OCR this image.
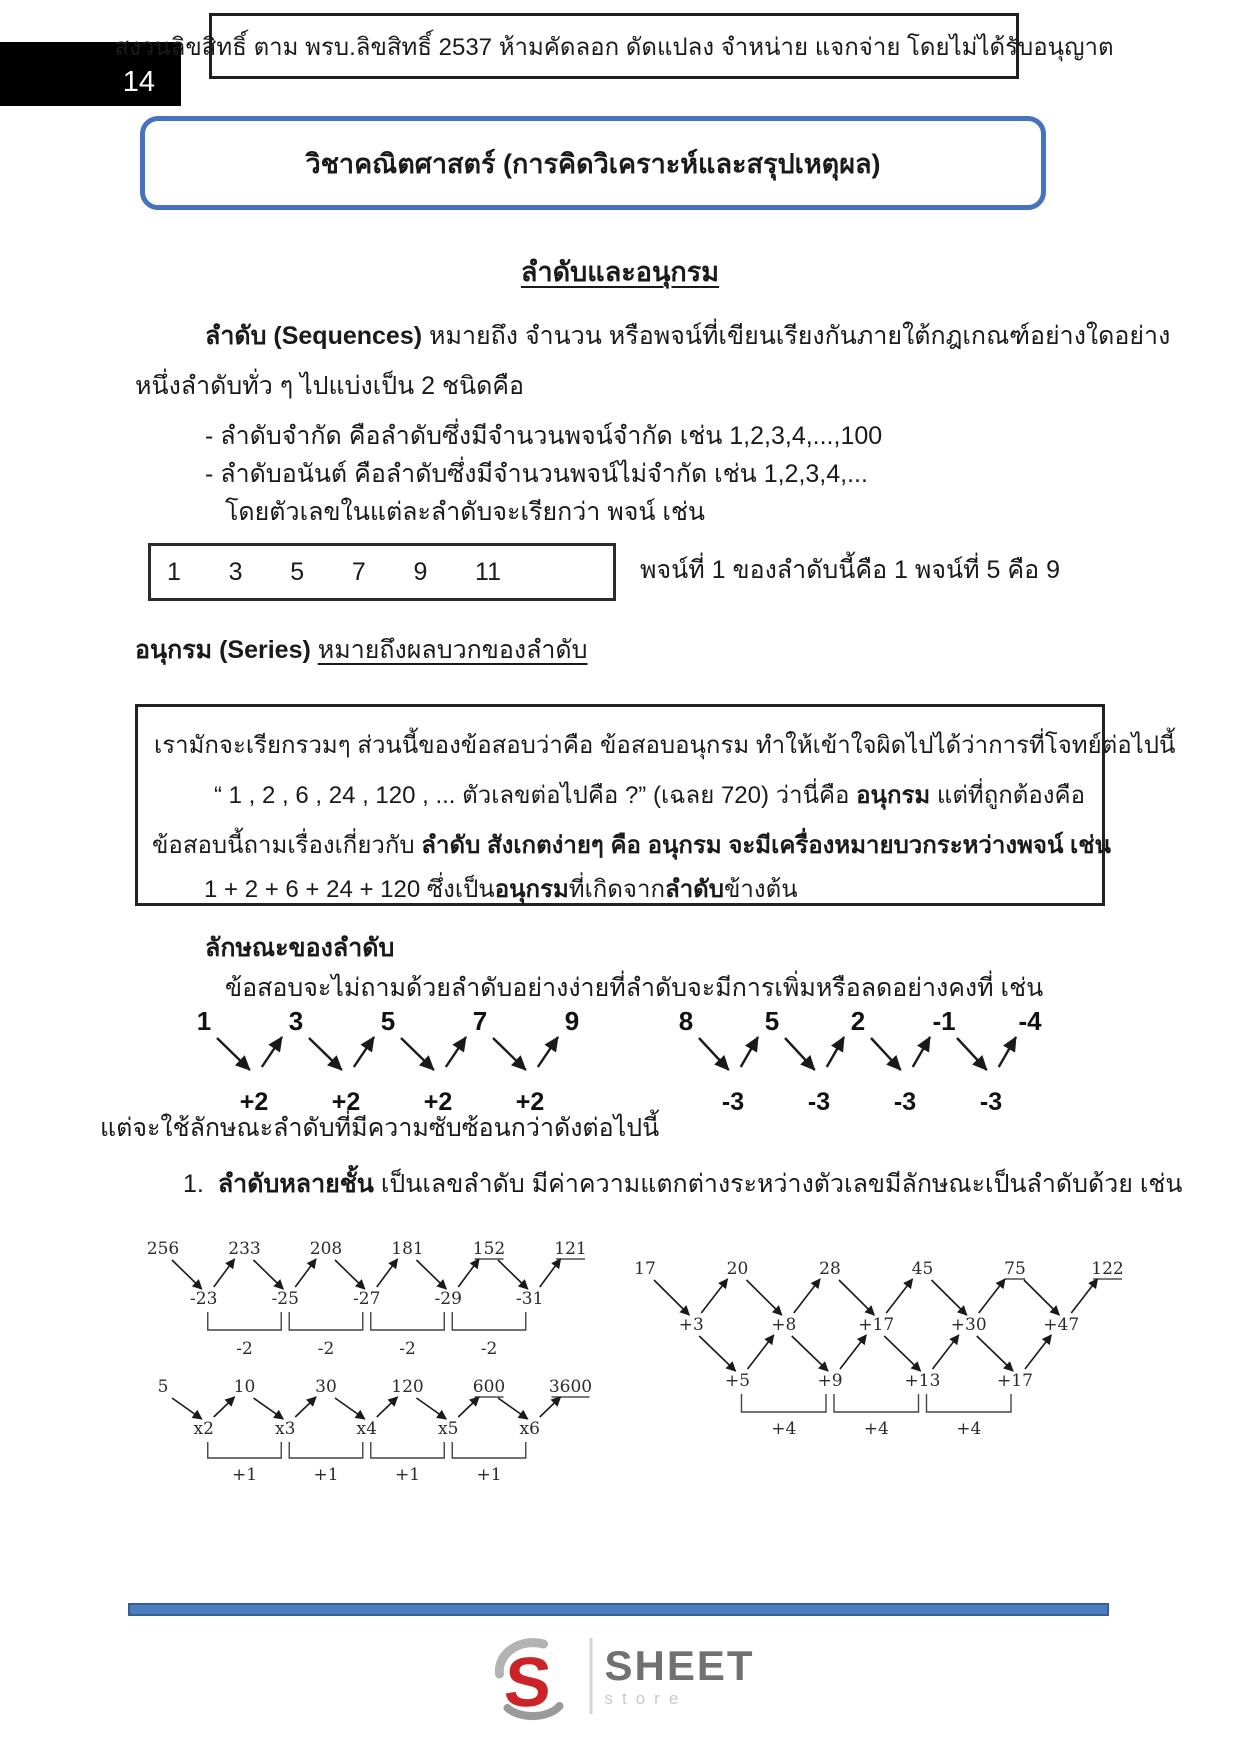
14
สงวนลิขสิทธิ์ ตาม พรบ.ลิขสิทธิ์ 2537 ห้ามคัดลอก ดัดแปลง จำหน่าย แจกจ่าย โดยไม่ได้รับอนุญาต
วิชาคณิตศาสตร์ (การคิดวิเคราะห์และสรุปเหตุผล)
ลำดับและอนุกรม
ลำดับ (Sequences) หมายถึง จำนวน หรือพจน์ที่เขียนเรียงกันภายใต้กฎเกณฑ์อย่างใดอย่าง
หนึ่งลำดับทั่ว ๆ ไปแบ่งเป็น 2 ชนิดคือ
- ลำดับจำกัด คือลำดับซึ่งมีจำนวนพจน์จำกัด เช่น 1,2,3,4,...,100
- ลำดับอนันต์ คือลำดับซึ่งมีจำนวนพจน์ไม่จำกัด เช่น 1,2,3,4,...
โดยตัวเลขในแต่ละลำดับจะเรียกว่า พจน์ เช่น
1 3 5 7 9 11	พจน์ที่ 1 ของลำดับนี้คือ 1 พจน์ที่ 5 คือ 9
อนุกรม (Series) หมายถึงผลบวกของลำดับ
เรามักจะเรียกรวมๆ ส่วนนี้ของข้อสอบว่าคือ ข้อสอบอนุกรม ทำให้เข้าใจผิดไปได้ว่าการที่โจทย์ต่อไปนี้
“ 1 , 2 , 6 , 24 , 120 , ... ตัวเลขต่อไปคือ ?” (เฉลย 720) ว่านี่คือ อนุกรม แต่ที่ถูกต้องคือ
ข้อสอบนี้ถามเรื่องเกี่ยวกับ ลำดับ สังเกตง่ายๆ คือ อนุกรม จะมีเครื่องหมายบวกระหว่างพจน์ เช่น
1 + 2 + 6 + 24 + 120 ซึ่งเป็นอนุกรมที่เกิดจากลำดับข้างต้น
ลักษณะของลำดับ
ข้อสอบจะไม่ถามด้วยลำดับอย่างง่ายที่ลำดับจะมีการเพิ่มหรือลดอย่างคงที่ เช่น
แต่จะใช้ลักษณะลำดับที่มีความซับซ้อนกว่าดังต่อไปนี้
1. ลำดับหลายชั้น เป็นเลขลำดับ มีค่าความแตกต่างระหว่างตัวเลขมีลักษณะเป็นลำดับด้วย เช่น
S SHEET
store
1	3	5	7	9
+2	+2	+2	+2
8	5	2	-1 -4
-3	-3	-3	-3
256	233	208	181	152	121
-23	-25	-27	-29	-31
-2	-2	-2	-2
5	10	30	120	600	3600
x2	x3	x4	x5	x6
+1	+1	+1	+1
17	20	28	45	75	122
+3	+8	+17	+30	+47
+5	+9	+13	+17
+4	+4	+4
